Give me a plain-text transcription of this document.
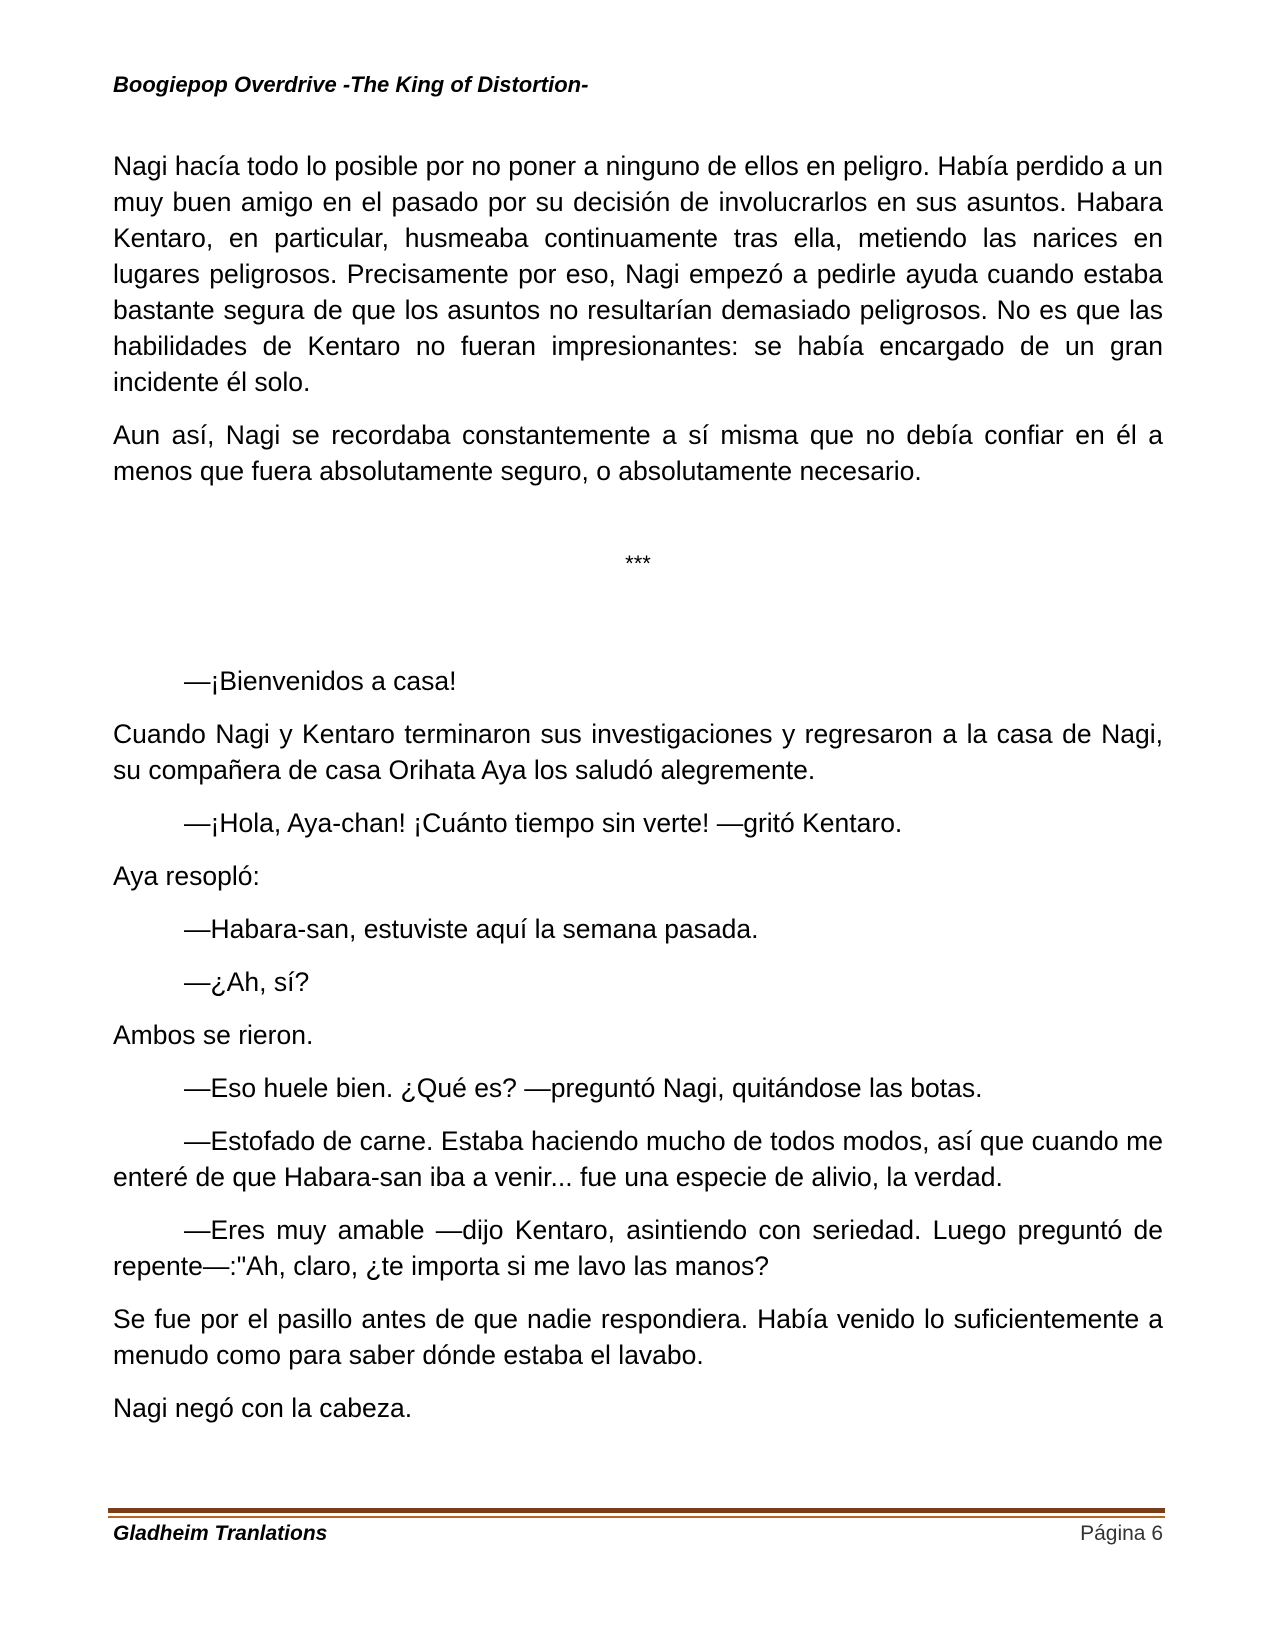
Boogiepop Overdrive -The King of Distortion-

Nagi hacía todo lo posible por no poner a ninguno de ellos en peligro. Había perdido a un muy buen amigo en el pasado por su decisión de involucrarlos en sus asuntos. Habara Kentaro, en particular, husmeaba continuamente tras ella, metiendo las narices en lugares peligrosos. Precisamente por eso, Nagi empezó a pedirle ayuda cuando estaba bastante segura de que los asuntos no resultarían demasiado peligrosos. No es que las habilidades de Kentaro no fueran impresionantes: se había encargado de un gran incidente él solo.

Aun así, Nagi se recordaba constantemente a sí misma que no debía confiar en él a menos que fuera absolutamente seguro, o absolutamente necesario.

***

—¡Bienvenidos a casa!

Cuando Nagi y Kentaro terminaron sus investigaciones y regresaron a la casa de Nagi, su compañera de casa Orihata Aya los saludó alegremente.

—¡Hola, Aya-chan! ¡Cuánto tiempo sin verte! —gritó Kentaro.

Aya resopló:

—Habara-san, estuviste aquí la semana pasada.

—¿Ah, sí?

Ambos se rieron.

—Eso huele bien. ¿Qué es? —preguntó Nagi, quitándose las botas.

—Estofado de carne. Estaba haciendo mucho de todos modos, así que cuando me enteré de que Habara-san iba a venir... fue una especie de alivio, la verdad.

—Eres muy amable —dijo Kentaro, asintiendo con seriedad. Luego preguntó de repente—:"Ah, claro, ¿te importa si me lavo las manos?

Se fue por el pasillo antes de que nadie respondiera. Había venido lo suficientemente a menudo como para saber dónde estaba el lavabo.

Nagi negó con la cabeza.

Gladheim Tranlations	Página 6
